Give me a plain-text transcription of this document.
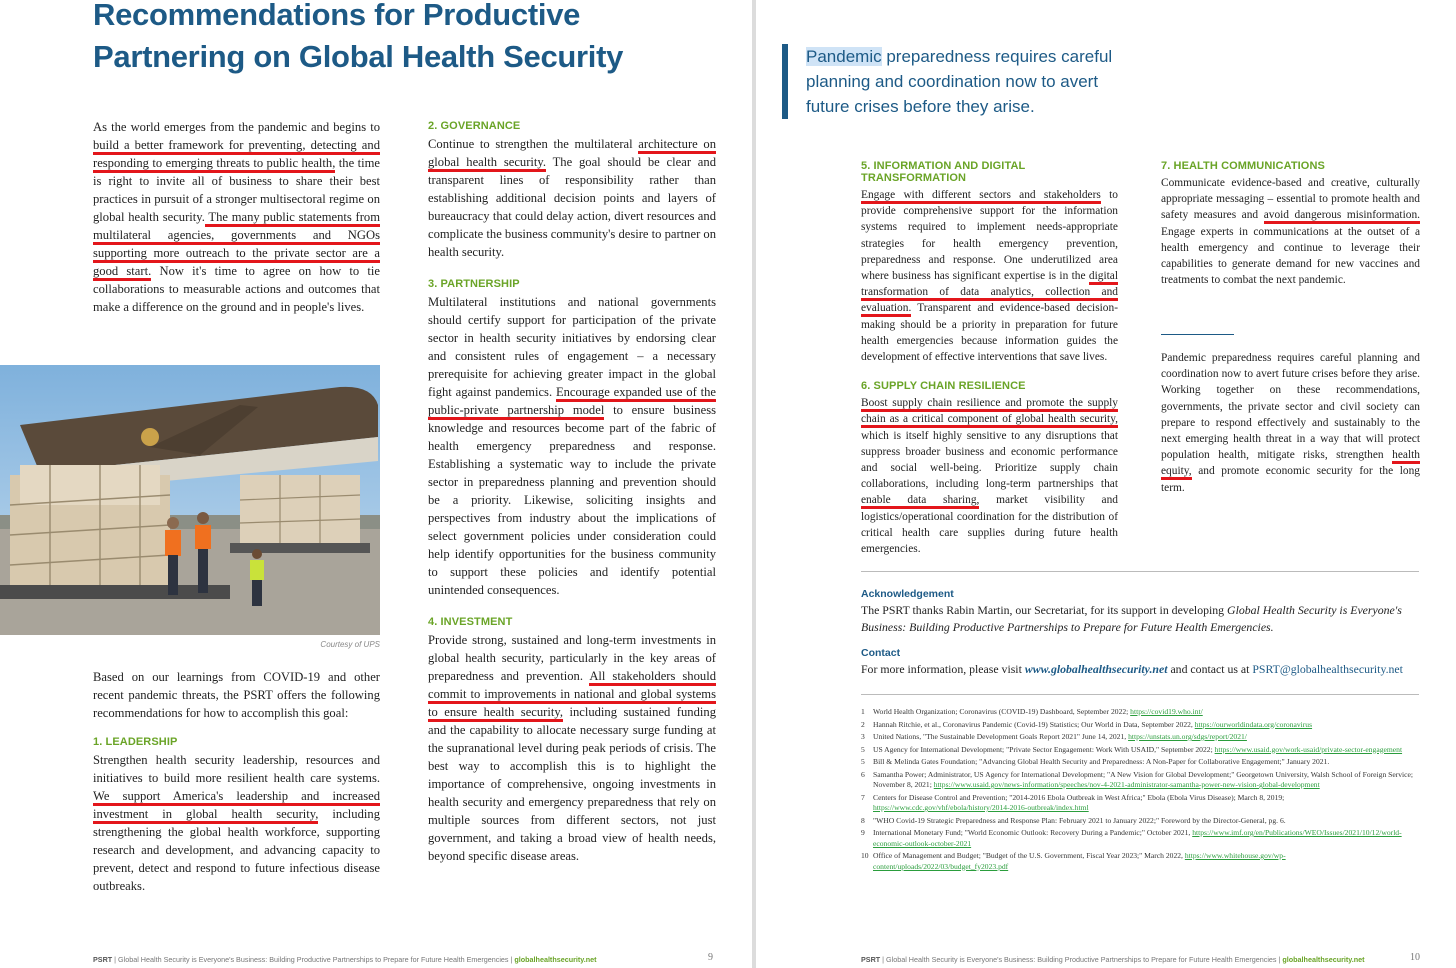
Recommendations for Productive Partnering on Global Health Security

As the world emerges from the pandemic and begins to build a better framework for preventing, detecting and responding to emerging threats to public health, the time is right to invite all of business to share their best practices in pursuit of a stronger multisectoral regime on global health security. The many public statements from multilateral agencies, governments and NGOs supporting more outreach to the private sector are a good start. Now it's time to agree on how to tie collaborations to measurable actions and outcomes that make a difference on the ground and in people's lives.

Courtesy of UPS

Based on our learnings from COVID-19 and other recent pandemic threats, the PSRT offers the following recommendations for how to accomplish this goal:

1. LEADERSHIP

Strengthen health security leadership, resources and initiatives to build more resilient health care systems. We support America's leadership and increased investment in global health security, including strengthening the global health workforce, supporting research and development, and advancing capacity to prevent, detect and respond to future infectious disease outbreaks.

2. GOVERNANCE

Continue to strengthen the multilateral architecture on global health security. The goal should be clear and transparent lines of responsibility rather than establishing additional decision points and layers of bureaucracy that could delay action, divert resources and complicate the business community's desire to partner on health security.

3. PARTNERSHIP

Multilateral institutions and national governments should certify support for participation of the private sector in health security initiatives by endorsing clear and consistent rules of engagement – a necessary prerequisite for achieving greater impact in the global fight against pandemics. Encourage expanded use of the public-private partnership model to ensure business knowledge and resources become part of the fabric of health emergency preparedness and response. Establishing a systematic way to include the private sector in preparedness planning and prevention should be a priority. Likewise, soliciting insights and perspectives from industry about the implications of select government policies under consideration could help identify opportunities for the business community to support these policies and identify potential unintended consequences.

4. INVESTMENT

Provide strong, sustained and long-term investments in global health security, particularly in the key areas of preparedness and prevention. All stakeholders should commit to improvements in national and global systems to ensure health security, including sustained funding and the capability to allocate necessary surge funding at the supranational level during peak periods of crisis. The best way to accomplish this is to highlight the importance of comprehensive, ongoing investments in health security and emergency preparedness that rely on multiple sources from different sectors, not just government, and taking a broad view of health needs, beyond specific disease areas.

PSRT | Global Health Security is Everyone's Business: Building Productive Partnerships to Prepare for Future Health Emergencies | globalhealthsecurity.net	9
Pandemic preparedness requires careful planning and coordination now to avert future crises before they arise.
5. INFORMATION AND DIGITAL TRANSFORMATION

Engage with different sectors and stakeholders to provide comprehensive support for the information systems required to implement needs-appropriate strategies for health emergency prevention, preparedness and response. One underutilized area where business has significant expertise is in the digital transformation of data analytics, collection and evaluation. Transparent and evidence-based decision-making should be a priority in preparation for future health emergencies because information guides the development of effective interventions that save lives.

6. SUPPLY CHAIN RESILIENCE

Boost supply chain resilience and promote the supply chain as a critical component of global health security, which is itself highly sensitive to any disruptions that suppress broader business and economic performance and social well-being. Prioritize supply chain collaborations, including long-term partnerships that enable data sharing, market visibility and logistics/operational coordination for the distribution of critical health care supplies during future health emergencies.

7. HEALTH COMMUNICATIONS

Communicate evidence-based and creative, culturally appropriate messaging – essential to promote health and safety measures and avoid dangerous misinformation. Engage experts in communications at the outset of a health emergency and continue to leverage their capabilities to generate demand for new vaccines and treatments to combat the next pandemic.

Pandemic preparedness requires careful planning and coordination now to avert future crises before they arise. Working together on these recommendations, governments, the private sector and civil society can prepare to respond effectively and sustainably to the next emerging health threat in a way that will protect population health, mitigate risks, strengthen health equity, and promote economic security for the long term.

Acknowledgement

The PSRT thanks Rabin Martin, our Secretariat, for its support in developing Global Health Security is Everyone's Business: Building Productive Partnerships to Prepare for Future Health Emergencies.

Contact

For more information, please visit www.globalhealthsecurity.net and contact us at PSRT@globalhealthsecurity.net

1	World Health Organization; Coronavirus (COVID-19) Dashboard, September 2022; https://covid19.who.int/
2	Hannah Ritchie, et al., Coronavirus Pandemic (Covid-19) Statistics; Our World in Data, September 2022, https://ourworldindata.org/coronavirus
3	United Nations, "The Sustainable Development Goals Report 2021" June 14, 2021, https://unstats.un.org/sdgs/report/2021/
5	US Agency for International Development; "Private Sector Engagement: Work With USAID," September 2022; https://www.usaid.gov/work-usaid/private-sector-engagement
5	Bill & Melinda Gates Foundation; "Advancing Global Health Security and Preparedness: A Non-Paper for Collaborative Engagement;" January 2021.
6	Samantha Power; Administrator, US Agency for International Development; "A New Vision for Global Development;" Georgetown University, Walsh School of Foreign Service; November 8, 2021; https://www.usaid.gov/news-information/speeches/nov-4-2021-administrator-samantha-power-new-vision-global-development
7	Centers for Disease Control and Prevention; "2014-2016 Ebola Outbreak in West Africa;" Ebola (Ebola Virus Disease); March 8, 2019; https://www.cdc.gov/vhf/ebola/history/2014-2016-outbreak/index.html
8	"WHO Covid-19 Strategic Preparedness and Response Plan: February 2021 to January 2022;" Foreword by the Director-General, pg. 6.
9	International Monetary Fund; "World Economic Outlook: Recovery During a Pandemic;" October 2021, https://www.imf.org/en/Publications/WEO/Issues/2021/10/12/world-economic-outlook-october-2021
10 Office of Management and Budget; "Budget of the U.S. Government, Fiscal Year 2023;" March 2022, https://www.whitehouse.gov/wp-content/uploads/2022/03/budget_fy2023.pdf
PSRT | Global Health Security is Everyone's Business: Building Productive Partnerships to Prepare for Future Health Emergencies | globalhealthsecurity.net	10
